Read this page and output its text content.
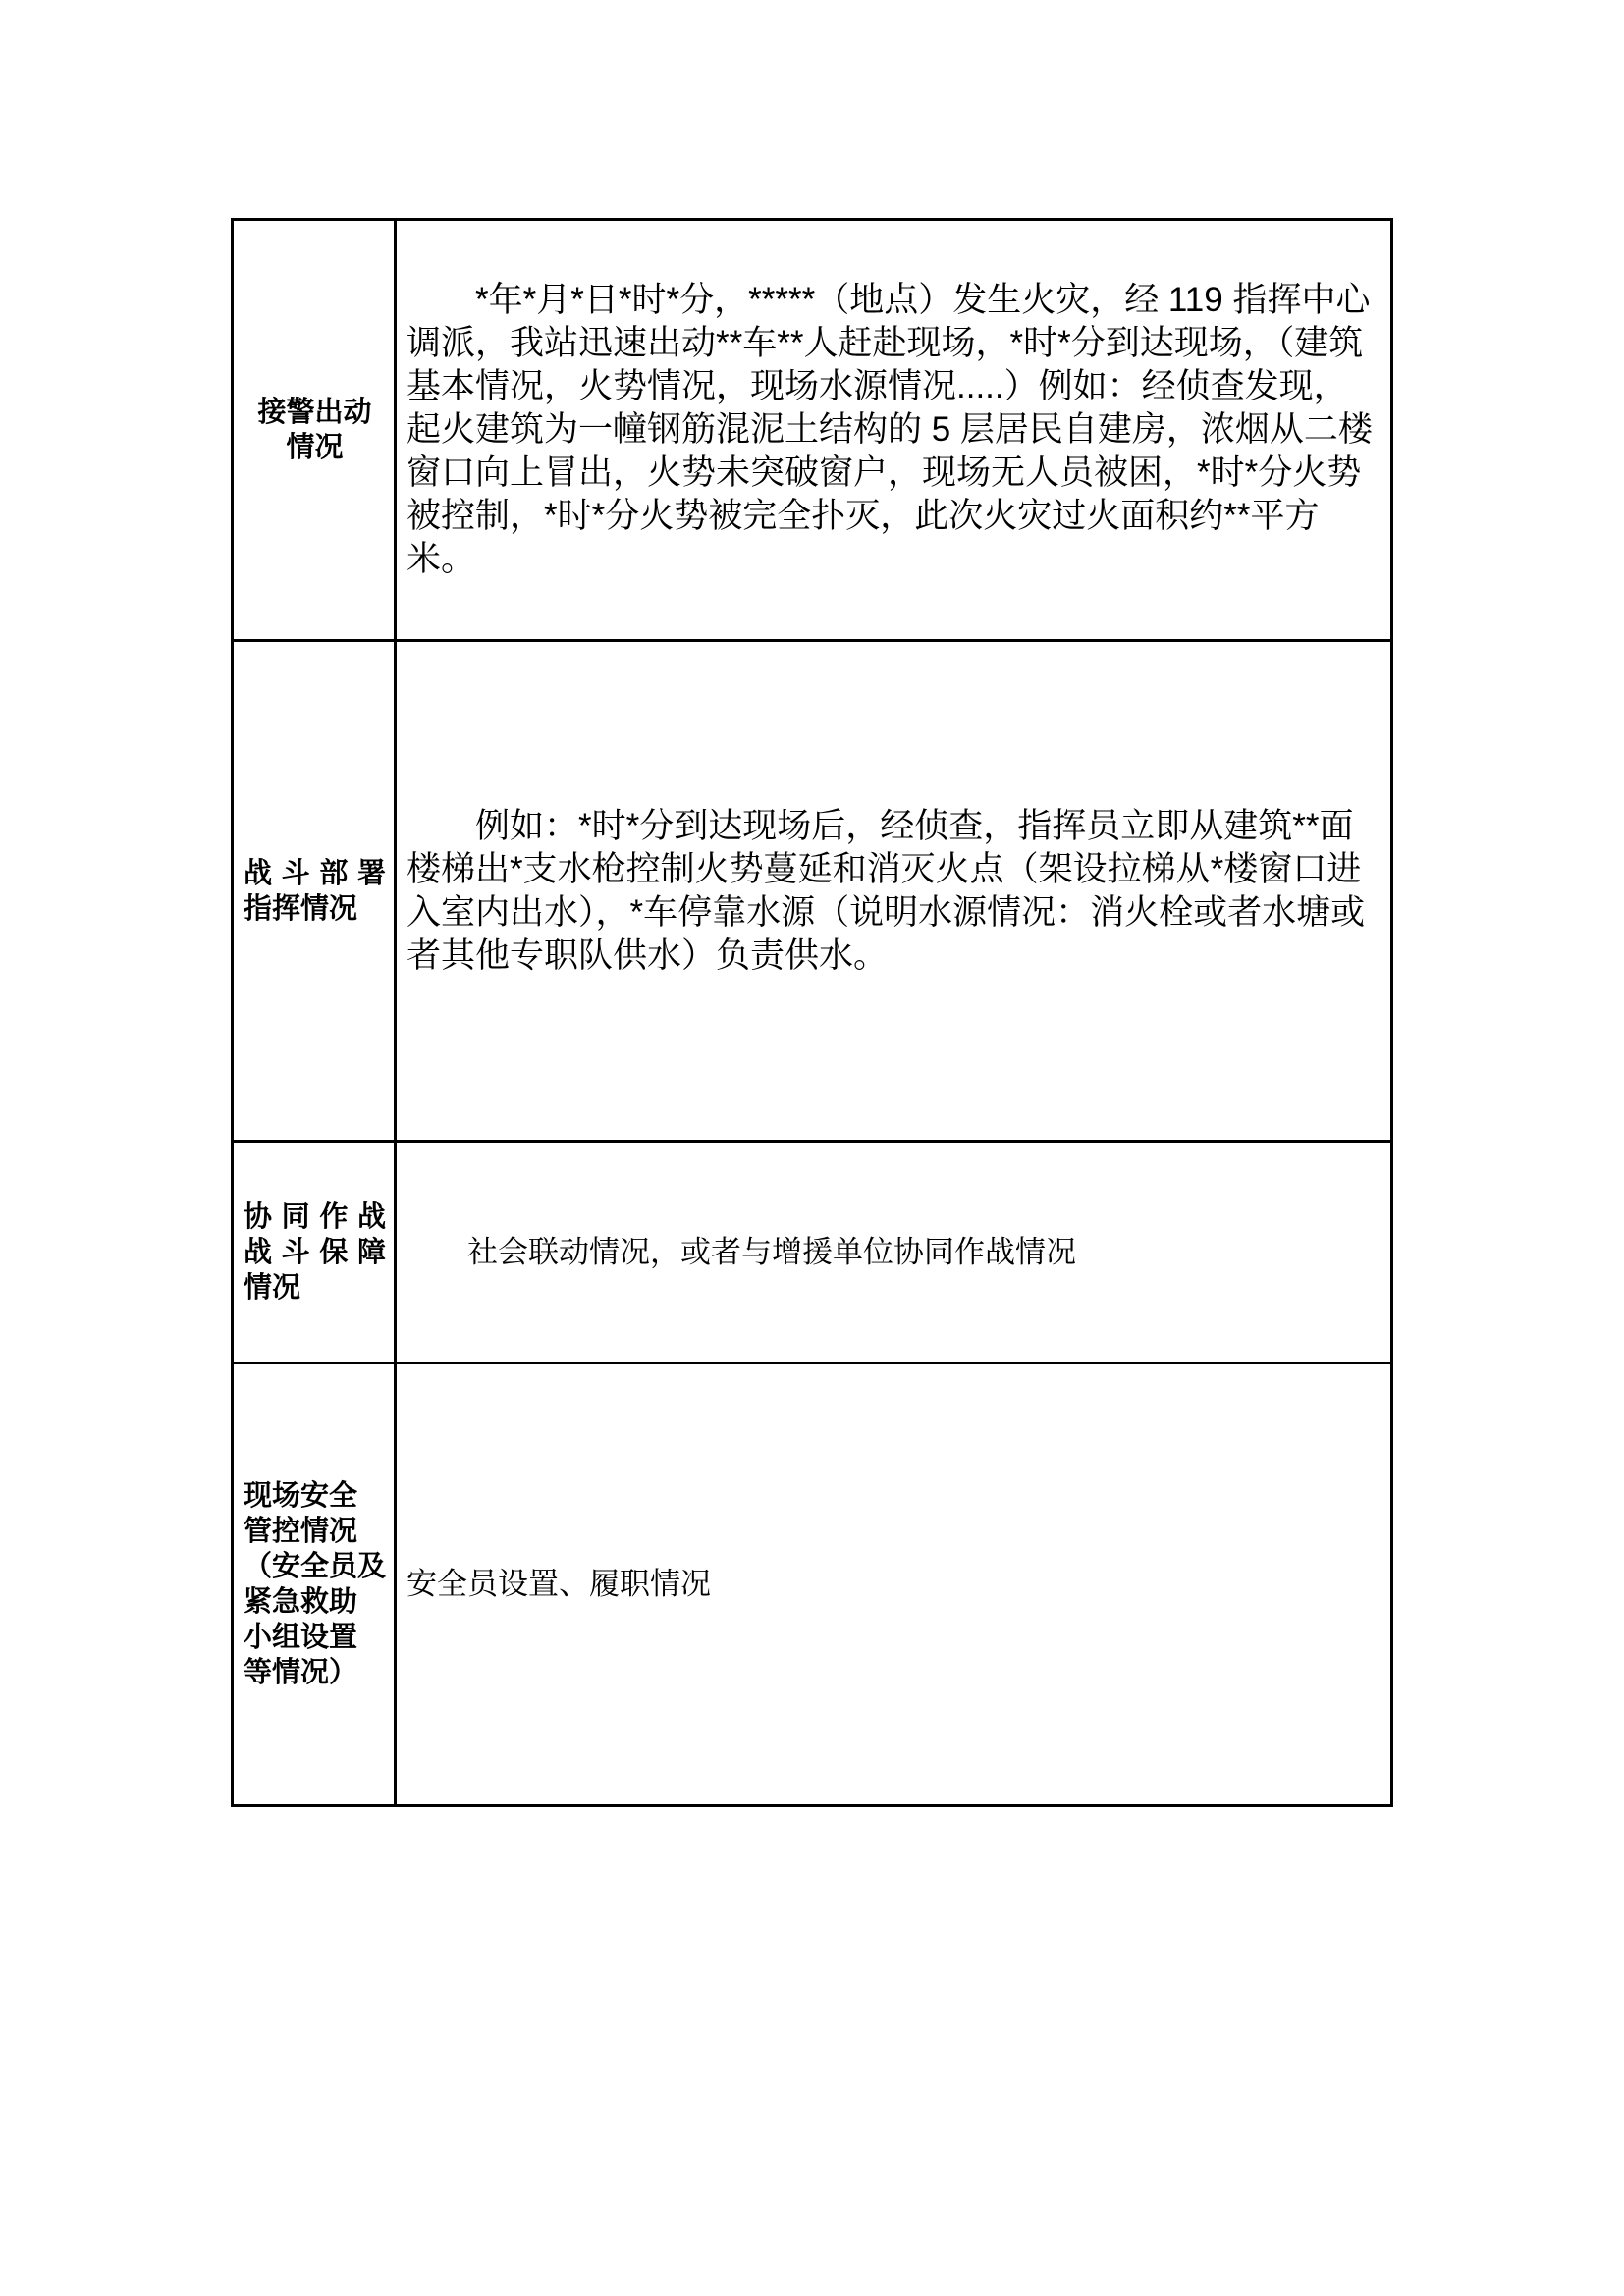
接警出动
情况

*年*月*日*时*分，*****（地点）发生火灾，经 119 指挥中心调派，我站迅速出动**车**人赶赴现场，*时*分到达现场，（建筑基本情况，火势情况，现场水源情况.....）例如：经侦查发现，起火建筑为一幢钢筋混泥土结构的 5 层居民自建房，浓烟从二楼窗口向上冒出，火势未突破窗户，现场无人员被困，*时*分火势被控制，*时*分火势被完全扑灭，此次火灾过火面积约**平方米。

战斗部署
指挥情况

例如：*时*分到达现场后，经侦查，指挥员立即从建筑**面楼梯出*支水枪控制火势蔓延和消灭火点（架设拉梯从*楼窗口进入室内出水），*车停靠水源（说明水源情况：消火栓或者水塘或者其他专职队供水）负责供水。

协同作战
战斗保障
情况

社会联动情况，或者与增援单位协同作战情况

现场安全
管控情况
（安全员及
紧急救助
小组设置
等情况）

安全员设置、履职情况
